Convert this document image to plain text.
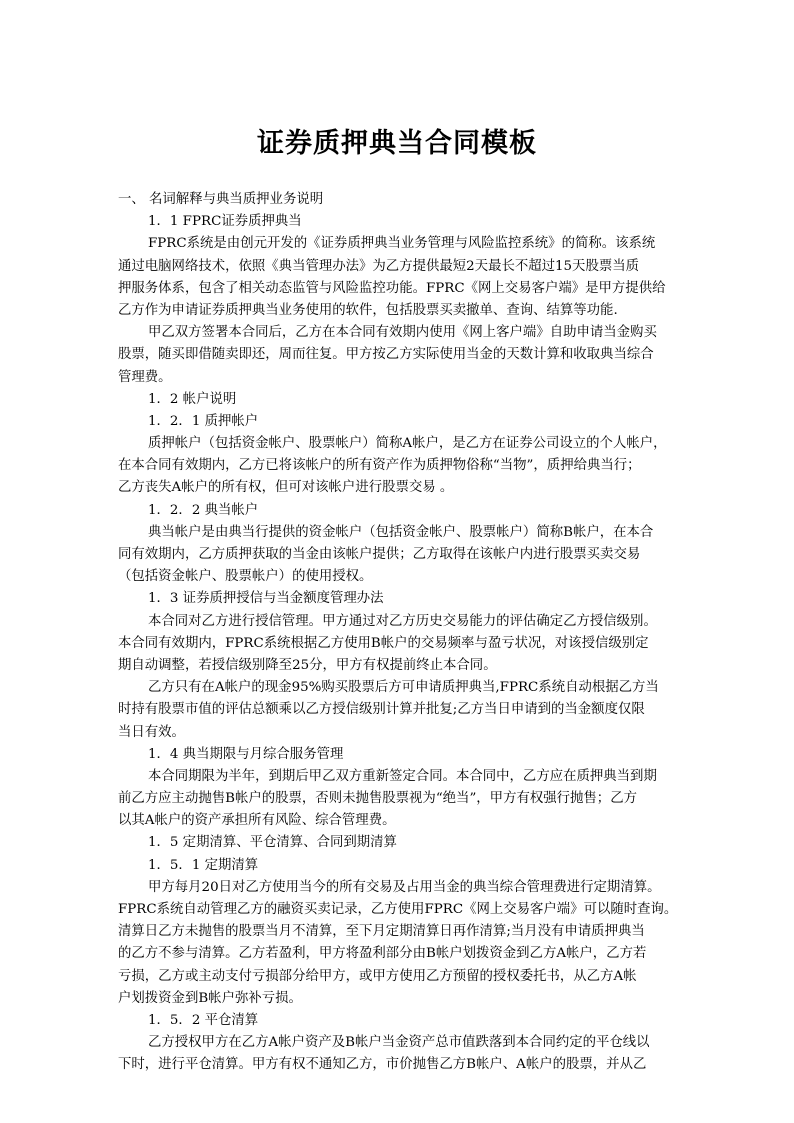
证券质押典当合同模板
一、 名词解释与典当质押业务说明
1．1 FPRC证券质押典当
FPRC系统是由创元开发的《证券质押典当业务管理与风险监控系统》的简称。该系统
通过电脑网络技术，依照《典当管理办法》为乙方提供最短2天最长不超过15天股票当质
押服务体系，包含了相关动态监管与风险监控功能。FPRC《网上交易客户端》是甲方提供给
乙方作为申请证券质押典当业务使用的软件，包括股票买卖撤单、查询、结算等功能.
甲乙双方签署本合同后，乙方在本合同有效期内使用《网上客户端》自助申请当金购买
股票，随买即借随卖即还，周而往复。甲方按乙方实际使用当金的天数计算和收取典当综合
管理费。
1．2 帐户说明
1．2．1 质押帐户
质押帐户（包括资金帐户、股票帐户）简称A帐户，是乙方在证券公司设立的个人帐户，
在本合同有效期内，乙方已将该帐户的所有资产作为质押物俗称“当物”，质押给典当行；
乙方丧失A帐户的所有权，但可对该帐户进行股票交易 。
1．2．2 典当帐户
典当帐户是由典当行提供的资金帐户（包括资金帐户、股票帐户）简称B帐户，在本合
同有效期内，乙方质押获取的当金由该帐户提供；乙方取得在该帐户内进行股票买卖交易
（包括资金帐户、股票帐户）的使用授权。
1．3 证券质押授信与当金额度管理办法
本合同对乙方进行授信管理。甲方通过对乙方历史交易能力的评估确定乙方授信级别。
本合同有效期内，FPRC系统根据乙方使用B帐户的交易频率与盈亏状况，对该授信级别定
期自动调整，若授信级别降至25分，甲方有权提前终止本合同。
乙方只有在A帐户的现金95%购买股票后方可申请质押典当,FPRC系统自动根据乙方当
时持有股票市值的评估总额乘以乙方授信级别计算并批复;乙方当日申请到的当金额度仅限
当日有效。
1．4 典当期限与月综合服务管理
本合同期限为半年，到期后甲乙双方重新签定合同。本合同中，乙方应在质押典当到期
前乙方应主动抛售B帐户的股票，否则未抛售股票视为“绝当”，甲方有权强行抛售；乙方
以其A帐户的资产承担所有风险、综合管理费。
1．5 定期清算、平仓清算、合同到期清算
1．5．1 定期清算
甲方每月20日对乙方使用当今的所有交易及占用当金的典当综合管理费进行定期清算。
FPRC系统自动管理乙方的融资买卖记录，乙方使用FPRC《网上交易客户端》可以随时查询。
清算日乙方未抛售的股票当月不清算，至下月定期清算日再作清算;当月没有申请质押典当
的乙方不参与清算。乙方若盈利，甲方将盈利部分由B帐户划拨资金到乙方A帐户，乙方若
亏损，乙方或主动支付亏损部分给甲方，或甲方使用乙方预留的授权委托书，从乙方A帐
户划拨资金到B帐户弥补亏损。
1．5．2 平仓清算
乙方授权甲方在乙方A帐户资产及B帐户当金资产总市值跌落到本合同约定的平仓线以
下时，进行平仓清算。甲方有权不通知乙方，市价抛售乙方B帐户、A帐户的股票，并从乙
